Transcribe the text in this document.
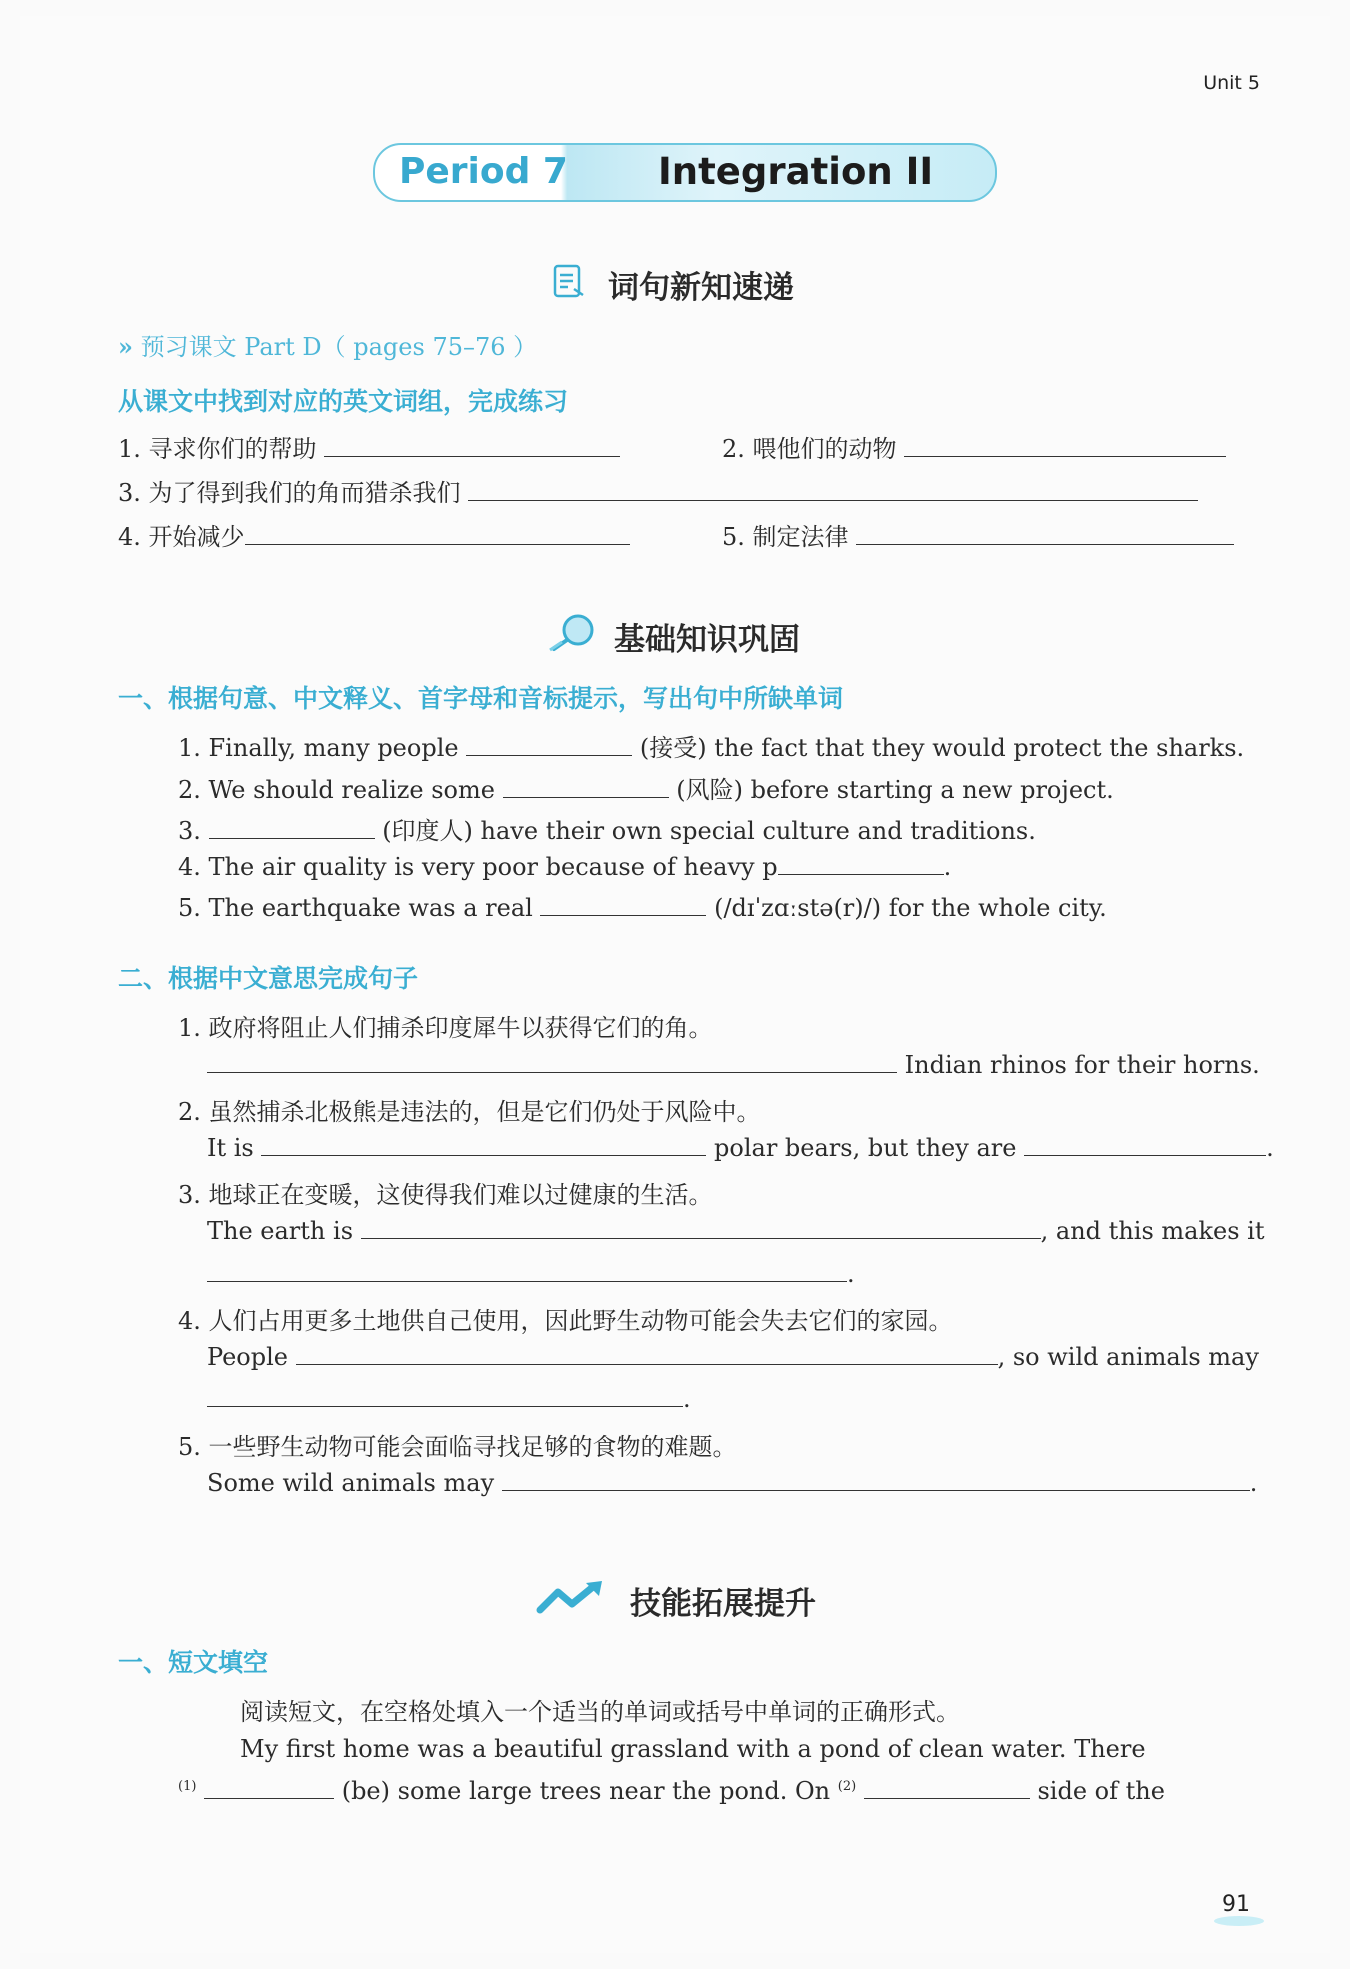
Unit 5
Period 7 Integration II
词句新知速递
» 预习课文 Part D（ pages 75–76 ）
从课文中找到对应的英文词组，完成练习
1. 寻求你们的帮助	2. 喂他们的动物
3. 为了得到我们的角而猎杀我们
4. 开始减少	5. 制定法律
基础知识巩固
一、根据句意、中文释义、首字母和音标提示，写出句中所缺单词
1. Finally, many people	(接受) the fact that they would protect the sharks.
2. We should realize some	(风险) before starting a new project.
3.	(印度人) have their own special culture and traditions.
4. The air quality is very poor because of heavy p	.
5. The earthquake was a real	(/dɪˈzɑːstə(r)/) for the whole city.
二、根据中文意思完成句子
1. 政府将阻止人们捕杀印度犀牛以获得它们的角。
Indian rhinos for their horns.
2. 虽然捕杀北极熊是违法的，但是它们仍处于风险中。
It is	polar bears, but they are	.
3. 地球正在变暖，这使得我们难以过健康的生活。
The earth is	, and this makes it
.
4. 人们占用更多土地供自己使用，因此野生动物可能会失去它们的家园。
People	, so wild animals may
.
5. 一些野生动物可能会面临寻找足够的食物的难题。
Some wild animals may	.
技能拓展提升
一、短文填空
阅读短文，在空格处填入一个适当的单词或括号中单词的正确形式。
My first home was a beautiful grassland with a pond of clean water. There
$^{(1)}$	(be) some large trees near the pond. On $^{(2)}$	side of the
91
